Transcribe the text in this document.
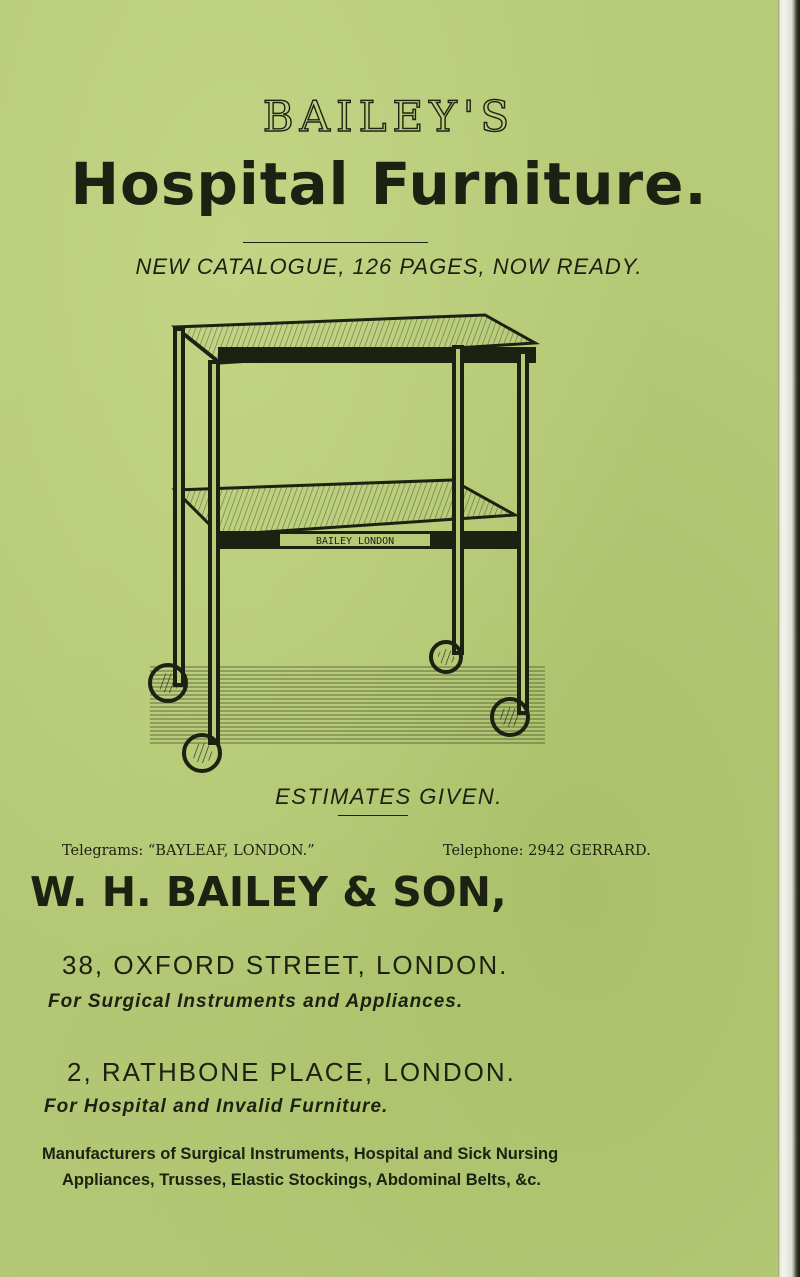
BAILEY'S
Hospital Furniture.
NEW CATALOGUE, 126 PAGES, NOW READY.
BAILEY LONDON
ESTIMATES GIVEN.
Telegrams: “BAYLEAF, LONDON.”	Telephone: 2942 GERRARD.
W. H. BAILEY & SON,
38, OXFORD STREET, LONDON.
For Surgical Instruments and Appliances.
2, RATHBONE PLACE, LONDON.
For Hospital and Invalid Furniture.
Manufacturers of Surgical Instruments, Hospital and Sick Nursing
Appliances, Trusses, Elastic Stockings, Abdominal Belts, &c.
